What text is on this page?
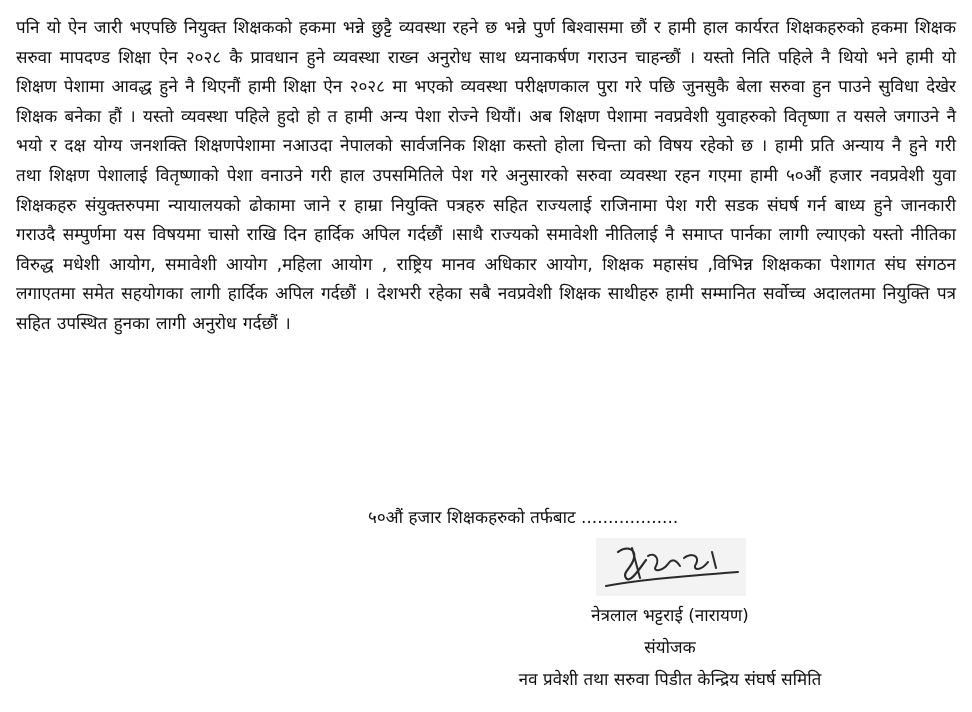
पनि यो ऐन जारी भएपछि नियुक्त शिक्षकको हकमा भन्ने छुट्टै व्यवस्था रहने छ भन्ने पुर्ण बिश्वासमा छौं र हामी हाल कार्यरत शिक्षकहरुको हकमा शिक्षक सरुवा मापदण्ड शिक्षा ऐन २०२८ कै प्रावधान हुने व्यवस्था राख्न अनुरोध साथ ध्यनाकर्षण गराउन चाहन्छौं । यस्तो निति पहिले नै थियो भने हामी यो शिक्षण पेशामा आवद्ध हुने नै थिएनौं हामी शिक्षा ऐन २०२८ मा भएको व्यवस्था परीक्षणकाल पुरा गरे पछि जुनसुकै बेला सरुवा हुन पाउने सुविधा देखेर शिक्षक बनेका हौं । यस्तो व्यवस्था पहिले हुदो हो त हामी अन्य पेशा रोज्ने थियौं। अब शिक्षण पेशामा नवप्रवेशी युवाहरुको वितृष्णा त यसले जगाउने नै भयो र दक्ष योग्य जनशक्ति शिक्षणपेशामा नआउदा नेपालको सार्वजनिक शिक्षा कस्तो होला चिन्ता को विषय रहेको छ । हामी प्रति अन्याय नै हुने गरी तथा शिक्षण पेशालाई वितृष्णाको पेशा वनाउने गरी हाल उपसमितिले पेश गरे अनुसारको सरुवा व्यवस्था रहन गएमा हामी ५०औं हजार नवप्रवेशी युवा शिक्षकहरु संयुक्तरुपमा न्यायालयको ढोकामा जाने र हाम्रा नियुक्ति पत्रहरु सहित राज्यलाई राजिनामा पेश गरी सडक संघर्ष गर्न बाध्य हुने जानकारी गराउदै सम्पुर्णमा यस विषयमा चासो राखि दिन हार्दिक अपिल गर्दछौं ।साथै राज्यको समावेशी नीतिलाई नै समाप्त पार्नका लागी ल्याएको यस्तो नीतिका विरुद्ध मधेशी आयोग, समावेशी आयोग ,महिला आयोग , राष्ट्रिय मानव अधिकार आयोग, शिक्षक महासंघ ,विभिन्न शिक्षकका पेशागत संघ संगठन लगाएतमा समेत सहयोगका लागी हार्दिक अपिल गर्दछौं । देशभरी रहेका सबै नवप्रवेशी शिक्षक साथीहरु हामी सम्मानित सर्वोच्च अदालतमा नियुक्ति पत्र सहित उपस्थित हुनका लागी अनुरोध गर्दछौं ।

५०औं हजार शिक्षकहरुको तर्फबाट ..................
नेत्रलाल भट्टराई (नारायण)
संयोजक
नव प्रवेशी तथा सरुवा पिडीत केन्द्रिय संघर्ष समिति
